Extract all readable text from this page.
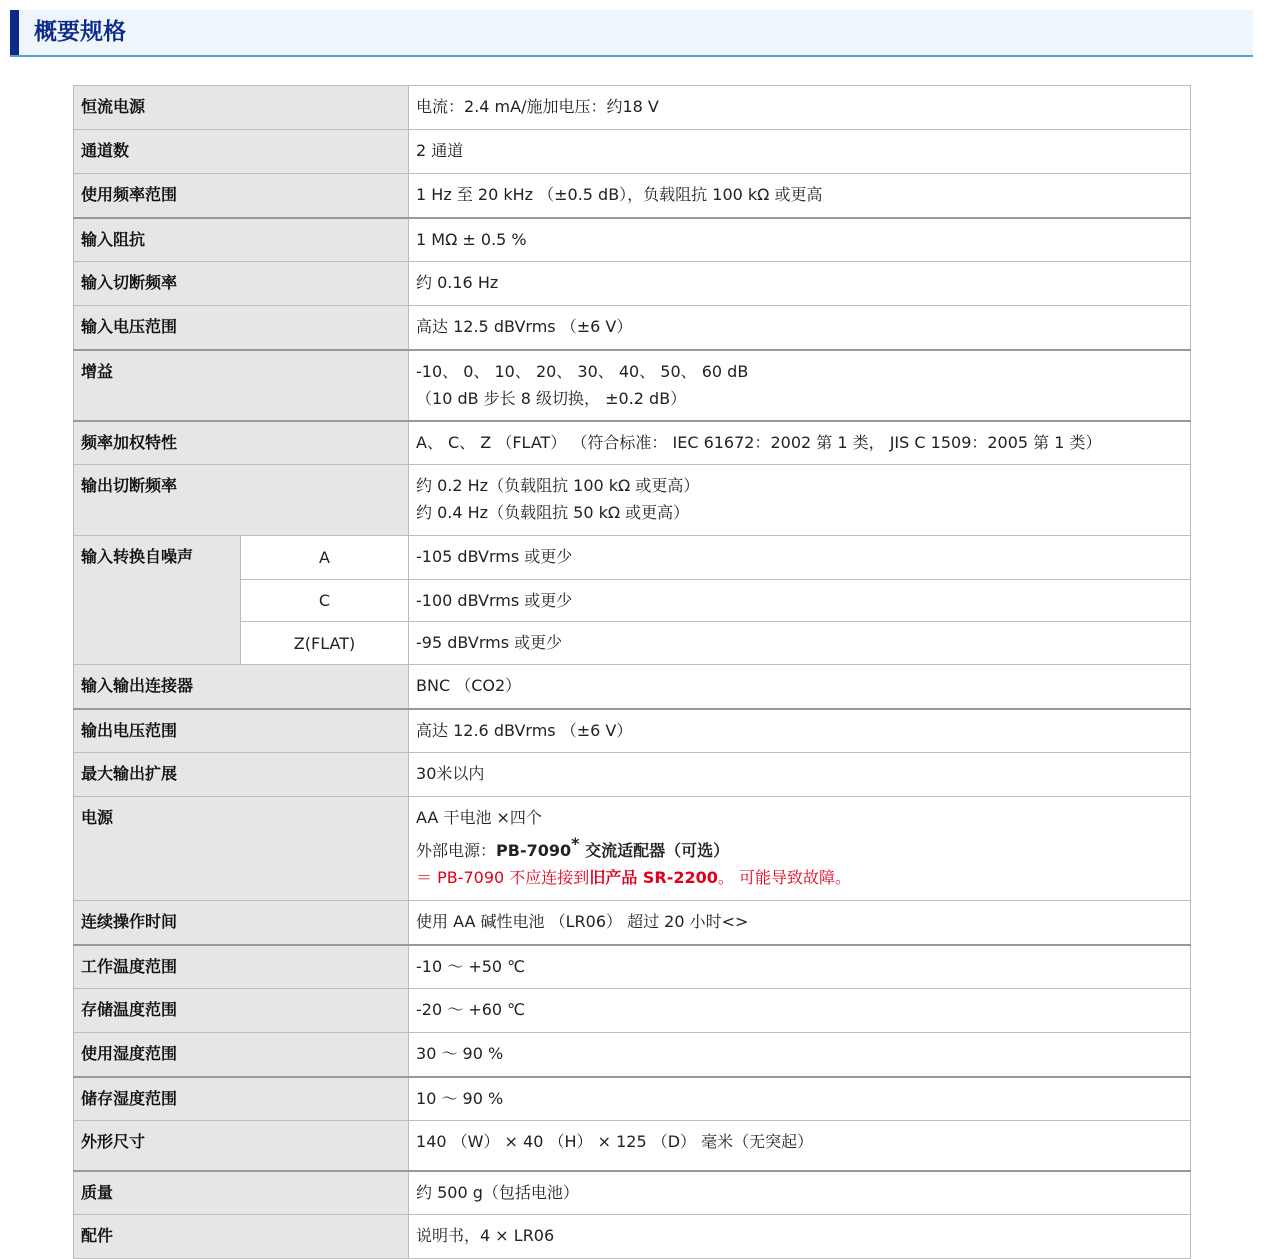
概要规格
恒流电源		电流：2.4 mA/施加电压：约18 V
通道数		2 通道
使用频率范围		1 Hz 至 20 kHz （±0.5 dB），负载阻抗 100 kΩ 或更高
输入阻抗		1 MΩ ± 0.5 %
输入切断频率		约 0.16 Hz
输入电压范围		高达 12.5 dBVrms （±6 V）
增益		-10、 0、 10、 20、 30、 40、 50、 60 dB
（10 dB 步长 8 级切换， ±0.2 dB）

频率加权特性		A、 C、 Z （FLAT） （符合标准： IEC 61672：2002 第 1 类， JIS C 1509：2005 第 1 类）
输出切断频率		约 0.2 Hz（负载阻抗 100 kΩ 或更高）
约 0.4 Hz（负载阻抗 50 kΩ 或更高）

输入转换自噪声	A	-105 dBVrms 或更少
	C	-100 dBVrms 或更少
	Z(FLAT)	-95 dBVrms 或更少
输入输出连接器		BNC （CO2）
输出电压范围		高达 12.6 dBVrms （±6 V）
最大输出扩展		30米以内
电源		AA 干电池 ×四个
外部电源：PB-7090* 交流适配器（可选）
＝ PB-7090 不应连接到旧产品 SR-2200。 可能导致故障。

连续操作时间		使用 AA 碱性电池 （LR06） 超过 20 小时<>
工作温度范围		-10 ～ +50 ℃
存储温度范围		-20 ～ +60 ℃
使用湿度范围		30 ～ 90 %
储存湿度范围		10 ～ 90 %
外形尺寸		140 （W） × 40 （H） × 125 （D） 毫米（无突起）
质量		约 500 g（包括电池）
配件		说明书，4 × LR06
